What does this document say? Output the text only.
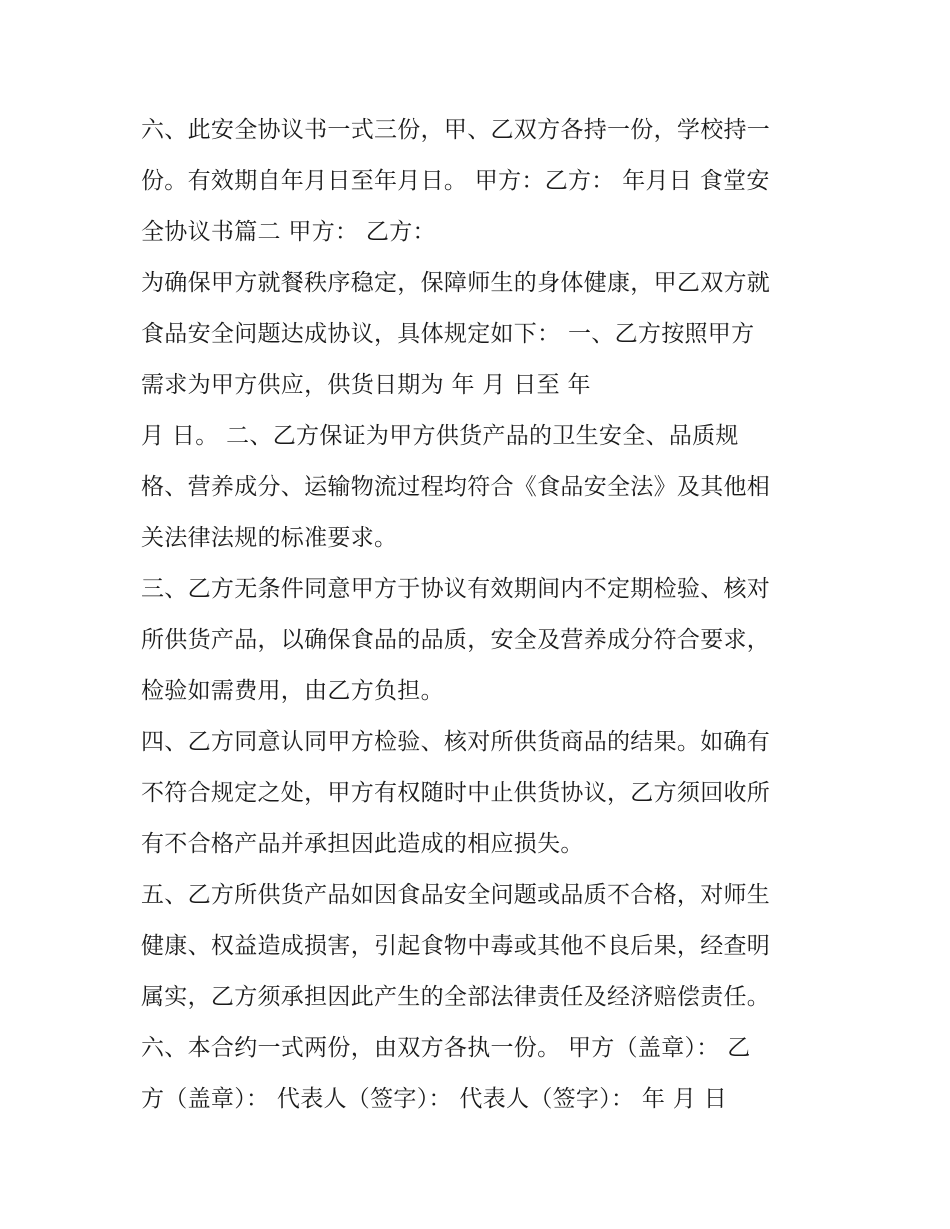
六、此安全协议书一式三份，甲、乙双方各持一份，学校持一
份。有效期自年月日至年月日。 甲方：乙方： 年月日 食堂安
全协议书篇二 甲方： 乙方：
为确保甲方就餐秩序稳定，保障师生的身体健康，甲乙双方就
食品安全问题达成协议，具体规定如下： 一、乙方按照甲方
需求为甲方供应，供货日期为 年 月 日至 年
月 日。 二、乙方保证为甲方供货产品的卫生安全、品质规
格、营养成分、运输物流过程均符合《食品安全法》及其他相
关法律法规的标准要求。
三、乙方无条件同意甲方于协议有效期间内不定期检验、核对
所供货产品，以确保食品的品质，安全及营养成分符合要求，
检验如需费用，由乙方负担。
四、乙方同意认同甲方检验、核对所供货商品的结果。如确有
不符合规定之处，甲方有权随时中止供货协议，乙方须回收所
有不合格产品并承担因此造成的相应损失。
五、乙方所供货产品如因食品安全问题或品质不合格，对师生
健康、权益造成损害，引起食物中毒或其他不良后果，经查明
属实，乙方须承担因此产生的全部法律责任及经济赔偿责任。
六、本合约一式两份，由双方各执一份。 甲方（盖章）： 乙
方（盖章）： 代表人（签字）： 代表人（签字）： 年 月 日
